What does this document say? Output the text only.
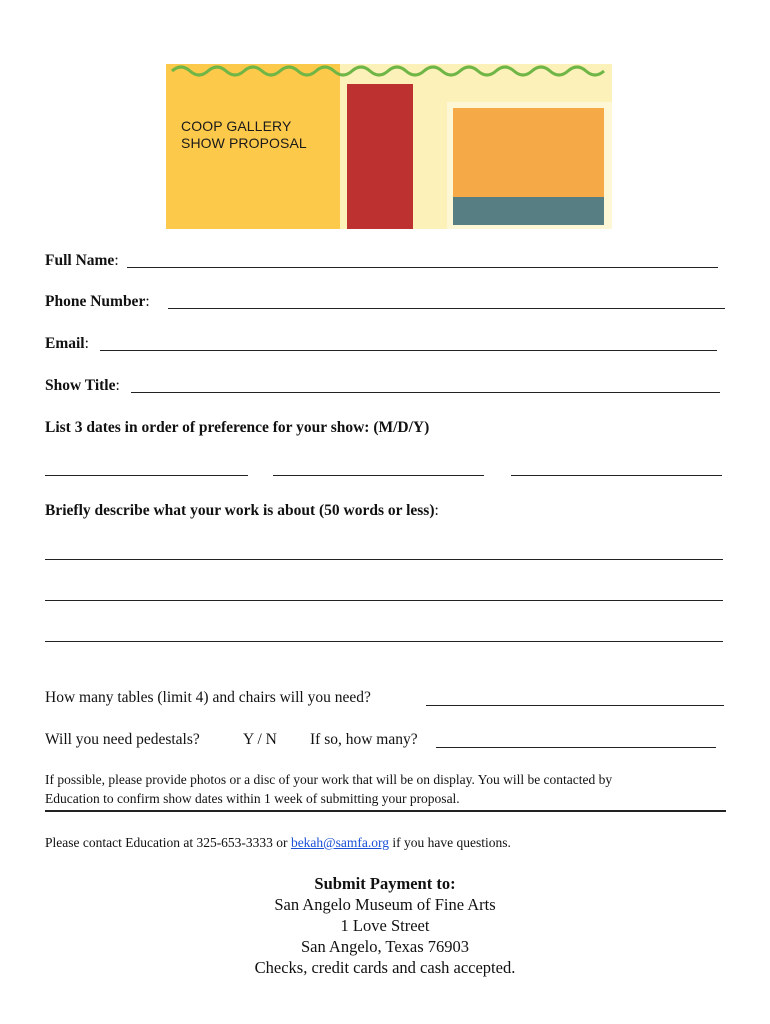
COOP GALLERY
SHOW PROPOSAL
Full Name:
Phone Number:
Email:
Show Title:
List 3 dates in order of preference for your show: (M/D/Y)
Briefly describe what your work is about (50 words or less):
How many tables (limit 4) and chairs will you need?
Will you need pedestals?	Y / N If so, how many?
If possible, please provide photos or a disc of your work that will be on display. You will be contacted by
Education to confirm show dates within 1 week of submitting your proposal.
Please contact Education at 325-653-3333 or bekah@samfa.org if you have questions.
Submit Payment to:
San Angelo Museum of Fine Arts
1 Love Street
San Angelo, Texas 76903
Checks, credit cards and cash accepted.
